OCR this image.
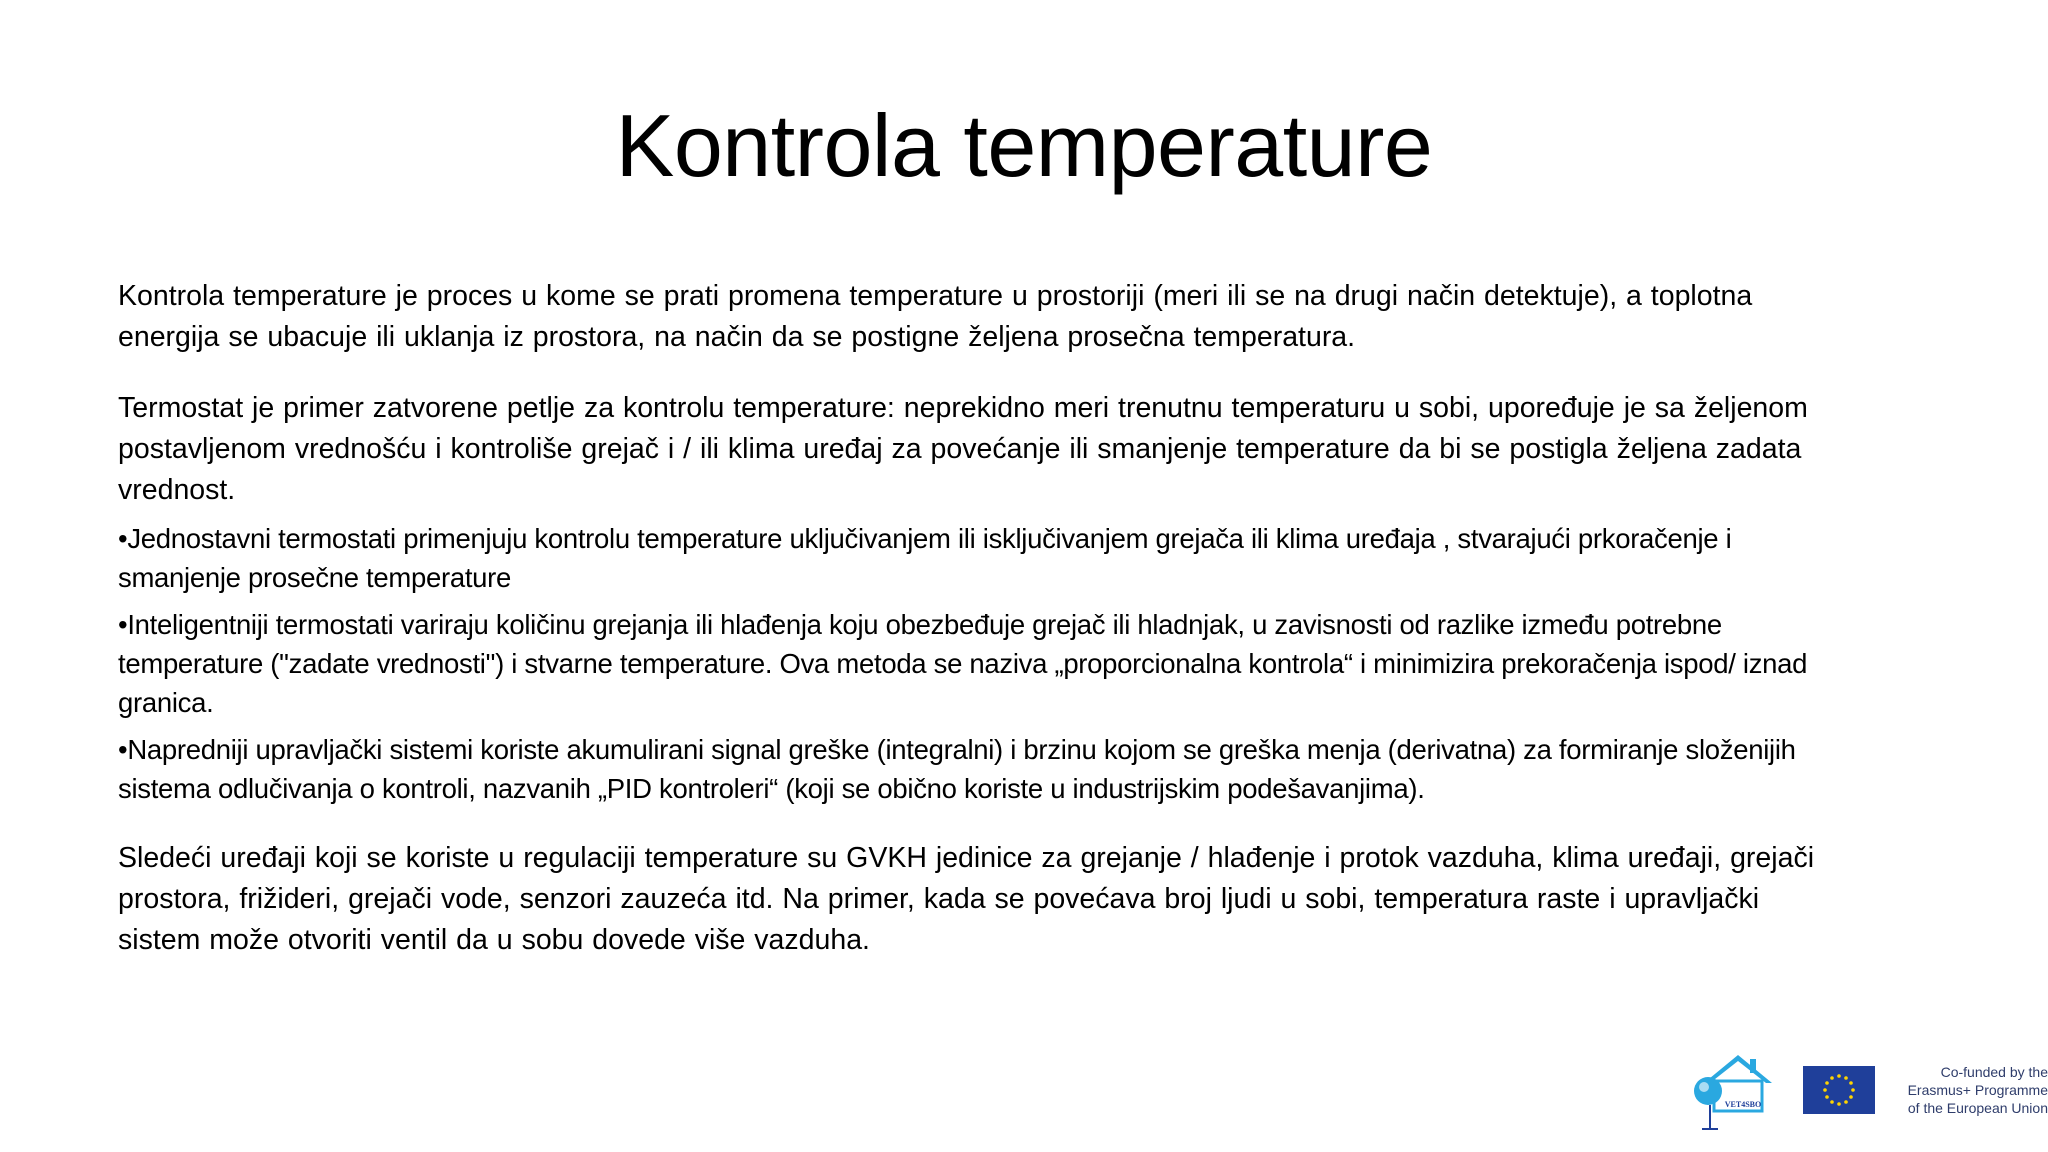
Kontrola temperature

Kontrola temperature je proces u kome se prati promena temperature u prostoriji (meri ili se na drugi način detektuje), a toplotna energija se ubacuje ili uklanja iz prostora, na način da se postigne željena prosečna temperatura.

Termostat je primer zatvorene petlje za kontrolu temperature: neprekidno meri trenutnu temperaturu u sobi, upoređuje je sa željenom postavljenom vrednošću i kontroliše grejač i / ili klima uređaj za povećanje ili smanjenje temperature da bi se postigla željena zadata vrednost.

•Jednostavni termostati primenjuju kontrolu temperature uključivanjem ili isključivanjem grejača ili klima uređaja , stvarajući prkoračenje i smanjenje prosečne temperature
•Inteligentniji termostati variraju količinu grejanja ili hlađenja koju obezbeđuje grejač ili hladnjak, u zavisnosti od razlike između potrebne temperature ("zadate vrednosti") i stvarne temperature. Ova metoda se naziva „proporcionalna kontrola“ i minimizira prekoračenja ispod/ iznad granica.
•Napredniji upravljački sistemi koriste akumulirani signal greške (integralni) i brzinu kojom se greška menja (derivatna) za formiranje složenijih sistema odlučivanja o kontroli, nazvanih „PID kontroleri“ (koji se obično koriste u industrijskim podešavanjima).

Sledeći uređaji koji se koriste u regulaciji temperature su GVKH jedinice za grejanje / hlađenje i protok vazduha, klima uređaji, grejači prostora, frižideri, grejači vode, senzori zauzeća itd. Na primer, kada se povećava broj ljudi u sobi, temperatura raste i upravljački sistem može otvoriti ventil da u sobu dovede više vazduha.

VET4SBO
Co-funded by the
Erasmus+ Programme
of the European Union
